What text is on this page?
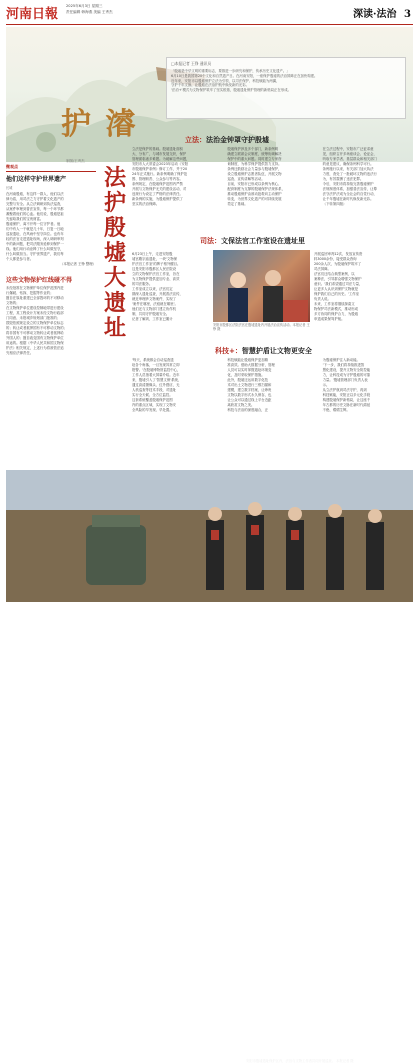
河南日報
2025年6月3日 星期三
责任编辑 韩海燕 美编 王秀杰	深读·法治 3
护 濬
制图/王秀杰
□本报记者 王铮 通讯员
「殷墟是中华文明的重要标志，要推进一步研究和保护，传承历史文化遗产。」
6月10日是我国第20个文化和自然遗产日。在河南安阳，一座保护殷墟的法治屏障正在加快构建。
近年来，安阳市以殷墟保护立法为引领，以司法保护、科技赋能为两翼，
守护千年文脉，让殷墟在法治护航中焕发新的光彩。
'法治+'模式为文物保护筑牢了坚实根基，殷墟遗址保护管理的新格局正在形成。
微观点
他们这样守护世界遗产
长城
在河南殷墟，有这样一群人，他们以法
律为盾，用司法之力守护着文化遗产的
完整与安全。从立法调研到执法巡查，
从案件审理到普法宣传，每一个环节都
凝聚着他们的心血。他们说，殷墟是祖
先留给我们的宝贵财富。
殷墟保护，离不开每一位守护者。他
们中有人一干就是几十年，日复一日地
巡视遗址，在风雨中坚守岗位。也有年
轻的法官走进遗址现场，深入调研审判
中的新问题，把司法服务延伸到保护一
线。他们用行动诠释了什么叫做坚守，
什么叫做担当。守护世界遗产，我们每
个人都是参与者。
（本报记者 王铮 整理）
这些文物保护红线碰不得
未经批准在文物保护单位保护范围内进
行爆破、钻探、挖掘等作业的；
擅自在原址重建已全部毁坏的不可移动
文物的；
在文物保护单位建设控制地带进行建设
工程，其工程设计方案未经文物行政部
门同意、未报城乡规划部门批准的；
损毁依照规定设立的文物保护单位标志
的；转让或者抵押国有不可移动文物的；
将非国有不可移动文物转让或者抵押给
外国人的；擅自改变国有文物保护单位
用途的。根据《中华人民共和国文物保
护法》相关规定，上述行为将被依法追
究相应法律责任。
法
护
殷
墟
大
遗
址
立法：法治金钟罩守护殷墟
立法是保护的基础。殷墟遗址面积
大、分布广，与城市发展交织，保护
管理面临诸多难题。为破解这些问题，
安阳市人大常委会2023年启动《安阳
市殷墟保护条例》修订工作，并于20
24年正式施行。新条例明确了保护范
围、管理职责、公众参与等内容。
条例规定，在殷墟保护范围内严禁
开展与文物保护无关的建设活动，对
违规行为设定了严格的法律责任。
新条例的实施，为殷墟保护提供了
坚实的法治保障。
殷墟保护涉及多个部门，新条例明
确建立联席会议制度，统筹协调解决
保护中的重大问题。同时建立专家咨
询制度，为科学保护提供智力支持。
条例还鼓励社会力量参与殷墟保护，
设立殷墟保护志愿者队伍，开展文物
巡查、宣传讲解等活动。
目前，安阳市已形成以条例为核心、
配套制度为支撑的殷墟保护法规体系，
推动殷墟保护由被动抢救向主动保护
转变，为世界文化遗产的可持续发展
奠定了基础。
在立法过程中，安阳市广泛征求意
见，组织召开多场座谈会、论证会，
听取专家学者、基层群众和相关部门
的意见建议，确保条例科学可行。
条例施行以来，有关部门加大执法
力度，查处了一批破坏文物的违法行
为，有效震慑了违法犯罪。
今后，安阳市将持续完善殷墟保护
法规制度体系，加强普法宣传，让尊
法守法护法成为全社会的自觉行动，
让千年殷墟在新时代焕发新光彩。
（下转第四版）
司法：文保法官工作室设在遗址里
6月23日上午，走进安阳殷
墟宫殿宗庙遗址，一块'文物保
护法官工作室'的牌子格外醒目。
这是安阳市殷都区人民法院设
立的文物保护法官工作室，旨在
为文物保护提供更加专业、高效
的司法服务。
工作室成立以来，法官们定
期深入遗址巡查，开展普法宣传，
就近审理涉文物案件，实现了
'案件在哪里，法庭就在哪里'。
他们还与文物部门建立协作机
制，共同守护殷墟安全。
记者了解到，工作室已累计
安阳市殷都区法院法官在殷墟遗址内开展法治宣传活动。本报记者 王铮 摄
开展巡回审判12次，发放宣传资
料3000余份，接受群众咨询
200余人次，为殷墟保护筑牢了
司法屏障。
法官们还结合典型案例，以
案释法，引导群众增强文物保护
意识。'我们希望通过司法力量，
让更多人认识到保护文物就是
保护我们自己的历史。'工作室
负责人说。
未来，工作室将继续探索文
物保护司法新模式，推动形成
多方协同的保护合力，为殷墟
申遗成果保驾护航。
科技+：智慧护盾让文物更安全
'每天，系统都会自动巡查遗
址各个角落，一旦发现异常立即
报警。'在殷墟博物馆监控中心，
工作人员指着大屏幕介绍。近年
来，殷墟引入了'智慧文保'系统，
通过高清摄像头、红外感应、无
人机巡查等技术手段，对遗址
实行全天候、全方位监控。
这套系统覆盖殷墟保护范围
内的重点区域，实现了文物安
全风险的早发现、早处置。
科技赋能让殷墟保护更加精
准高效。借助大数据分析，管理
人员可以实时掌握遗址环境变
化，及时采取保护措施。
此外，殷墟还运用数字化技
术对出土文物进行三维扫描和
建模，建立数字档案，让珍贵
文物以数字形式永久保存，也
让公众可以通过线上平台近距
离欣赏文物之美。
科技与法治的深度融合，正
为殷墟保护注入新动能。
'下一步，我们将持续推进智
慧化建设，提升文物安全防控能
力，让科技成为守护殷墟的可靠
力量。'殷墟管理部门负责人表
示。
从立法护航到司法守护，再到
科技赋能，安阳正以多元化手段
构建殷墟保护新格局，让这座千
年古都的历史文脉在新时代绵延
不绝、熠熠生辉。
安阳市殷墟遗址保护区内，法官与文物工作者共同开展巡查。 本报记者 摄
